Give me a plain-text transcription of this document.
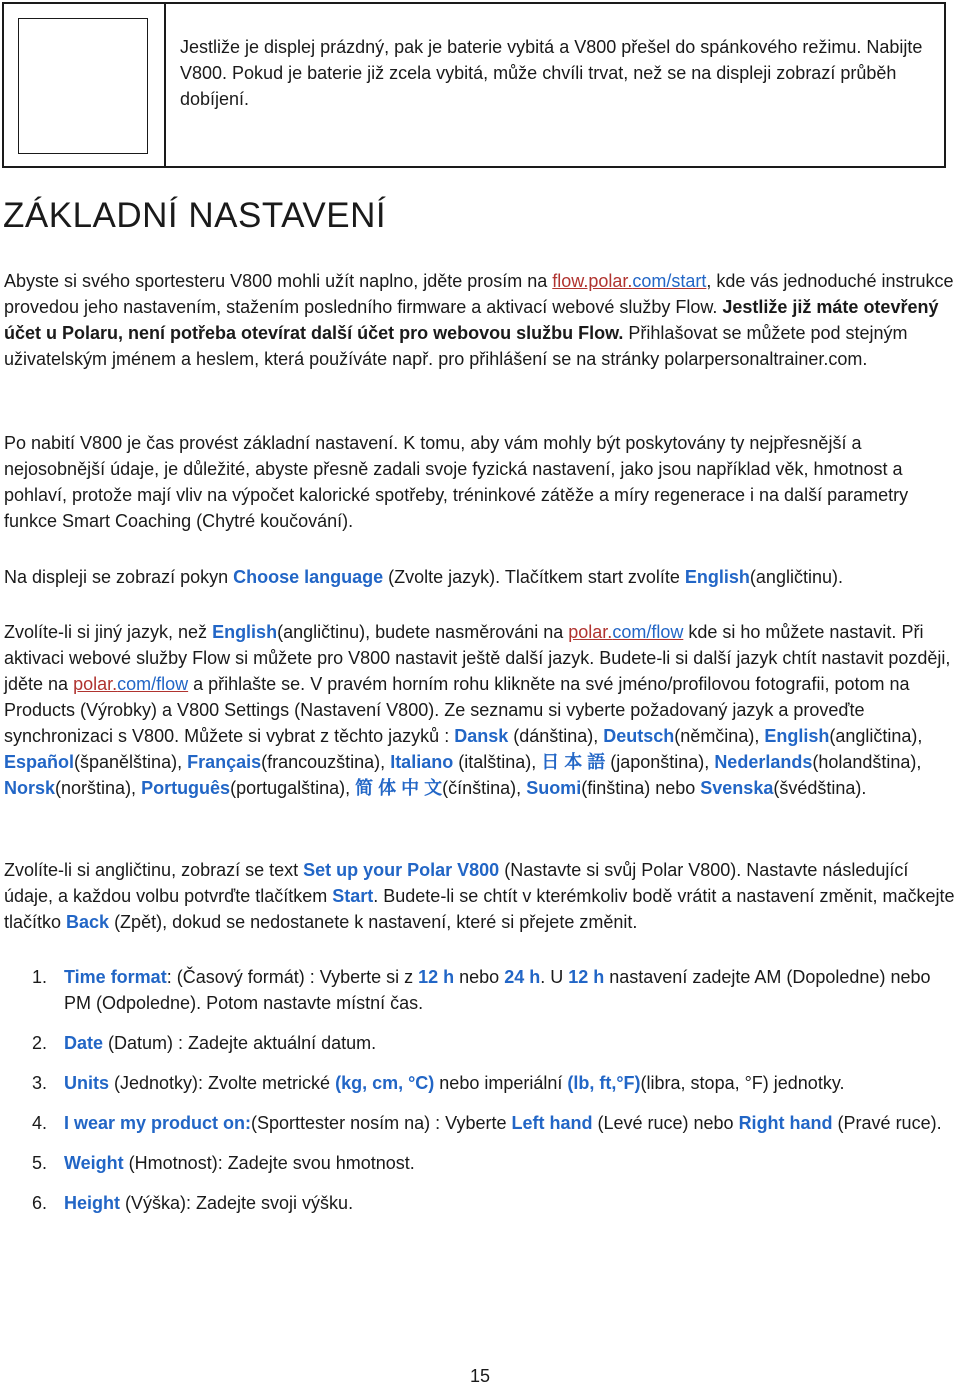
Jestliže je displej prázdný, pak je baterie vybitá a V800 přešel do spánkového režimu. Nabijte V800. Pokud je baterie již zcela vybitá, může chvíli trvat, než se na displeji zobrazí průběh dobíjení.
ZÁKLADNÍ NASTAVENÍ

Abyste si svého sportesteru V800 mohli užít naplno, jděte prosím na flow.polar.com/start, kde vás jednoduché instrukce provedou jeho nastavením, stažením posledního firmware a aktivací webové služby Flow. Jestliže již máte otevřený účet u Polaru, není potřeba otevírat další účet pro webovou službu Flow. Přihlašovat se můžete pod stejným uživatelským jménem a heslem, která používáte např. pro přihlášení se na stránky polarpersonaltrainer.com.

Po nabití V800 je čas provést základní nastavení. K tomu, aby vám mohly být poskytovány ty nejpřesnější a nejosobnější údaje, je důležité, abyste přesně zadali svoje fyzická nastavení, jako jsou například věk, hmotnost a pohlaví, protože mají vliv na výpočet kalorické spotřeby, tréninkové zátěže a míry regenerace i na další parametry funkce Smart Coaching (Chytré koučování).

Na displeji se zobrazí pokyn Choose language (Zvolte jazyk). Tlačítkem start zvolíte English(angličtinu).

Zvolíte-li si jiný jazyk, než English(angličtinu), budete nasměrováni na polar.com/flow kde si ho můžete nastavit. Při aktivaci webové služby Flow si můžete pro V800 nastavit ještě další jazyk. Budete-li si další jazyk chtít nastavit později, jděte na polar.com/flow a přihlašte se. V pravém horním rohu klikněte na své jméno/profilovou fotografii, potom na Products (Výrobky) a V800 Settings (Nastavení V800). Ze seznamu si vyberte požadovaný jazyk a proveďte synchronizaci s V800. Můžete si vybrat z těchto jazyků : Dansk (dánština), Deutsch(němčina), English(angličtina), Español(španělština), Français(francouzština), Italiano (italština), 日 本 語 (japonština), Nederlands(holandština), Norsk(norština), Português(portugalština), 简 体 中 文(čínština), Suomi(finština) nebo Svenska(švédština).

Zvolíte-li si angličtinu, zobrazí se text Set up your Polar V800 (Nastavte si svůj Polar V800). Nastavte následující údaje, a každou volbu potvrďte tlačítkem Start. Budete-li se chtít v kterémkoliv bodě vrátit a nastavení změnit, mačkejte tlačítko Back (Zpět), dokud se nedostanete k nastavení, které si přejete změnit.

1. Time format: (Časový formát) : Vyberte si z 12 h nebo 24 h. U 12 h nastavení zadejte AM (Dopoledne) nebo PM (Odpoledne). Potom nastavte místní čas.
2. Date (Datum) : Zadejte aktuální datum.
3. Units (Jednotky): Zvolte metrické (kg, cm, °C) nebo imperiální (lb, ft,°F)(libra, stopa, °F) jednotky.
4. I wear my product on:(Sporttester nosím na) : Vyberte Left hand (Levé ruce) nebo Right hand (Pravé ruce).
5. Weight (Hmotnost): Zadejte svou hmotnost.
6. Height (Výška): Zadejte svoji výšku.
15
